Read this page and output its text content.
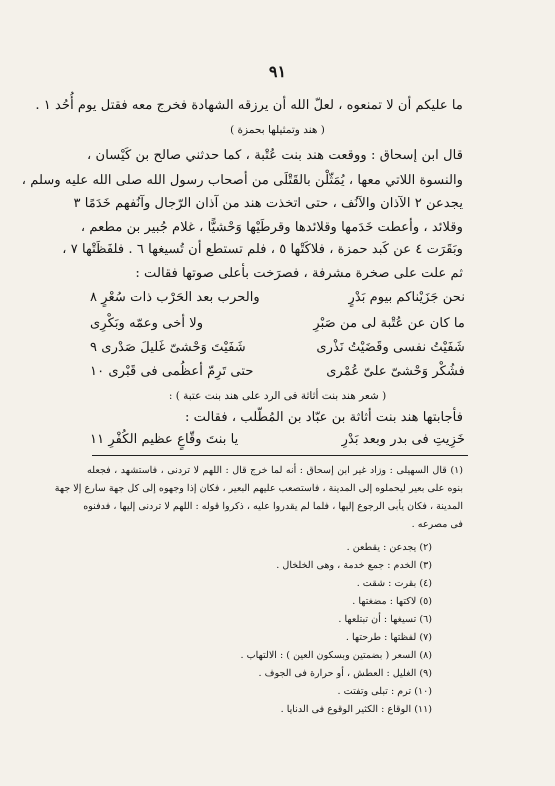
٩١
ما عليكم أن لا تمنعوه ، لعلّ الله أن يرزقه الشهادة فخرج معه فقتل يوم أُحُد ١ .
( هند وتمثيلها بحمزة )
قال ابن إسحاق : ووقعت هند بنت عُتْبة ، كما حدثني صالح بن كَيْسان ،
والنسوة اللاتي معها ، يُمَثّلْن بالقَتْلَى من أصحاب رسول الله صلى الله عليه وسلم ،
يجدعن ٢ الآذان والآنُف ، حتى اتخذت هند من آذان الرّجال وآنُفهم خَدَمًا ٣
وقلائد ، وأعطت خَدَمها وقلائدها وقرطَيْها وَحْشيًّا ، غلام جُبير بن مطعم ،
وبَقَرَت ٤ عن كَبد حمزة ، فلاكَتْها ٥ ، فلم تستطع أن تُسيغها ٦ . فلفَظَتْها ٧ ،
ثم علت على صخرة مشرفة ، فصرَخت بأعلى صوتها فقالت :
نحن جَزَيْناكم بيوم بَدْرٍ
والحرب بعد الحَرْب ذات سُعْرٍ ٨
ما كان عن عُتْبة لى من صَبْرِ
ولا أخى وعمّه وبَكْرِى
شَفَيْتُ نفسى وقَضَيْتُ نَذْرى
شَفَيْتَ وَحْشىّ غَليلَ صَدْرى ٩
فشُكْر وَحْشىّ علىّ عُمْرى
حتى تَرِمّ أعظُمى فى قَبْرى ١٠
( شعر هند بنت أثاثة فى الرد على هند بنت عتبة ) :
فأجابتها هند بنت أثاثة بن عبّاد بن المُطّلب ، فقالت :
خَزِيتِ فى بدر وبعد بَدْرِ
يا بنتَ وقّاعٍ عظيم الكُفْرِ ١١
(١) قال السهيلى : وزاد غير ابن إسحاق : أنه لما خرج قال : اللهم لا تردنى ، فاستشهد ، فجعله
بنوه على بعير ليحملوه إلى المدينة ، فاستصعب عليهم البعير ، فكان إذا وجهوه إلى كل جهة سارع إلا جهة
المدينة ، فكان يأبى الرجوع إليها ، فلما لم يقدروا عليه ، ذكروا قوله : اللهم لا تردنى إليها ، فدفنوه
فى مصرعه .
(٢) يجدعن : يقطعن .
(٣) الخدم : جمع خدمة ، وهى الخلخال .
(٤) بقرت : شقت .
(٥) لاكتها : مضغتها .
(٦) تسيغها : أن تبتلعها .
(٧) لفظتها : طرحتها .
(٨) السعر ( بضمتين وبسكون العين ) : الالتهاب .
(٩) الغليل : العطش ، أو حرارة فى الجوف .
(١٠) ترم : تبلى وتفتت .
(١١) الوقاع : الكثير الوقوع فى الدنايا .
